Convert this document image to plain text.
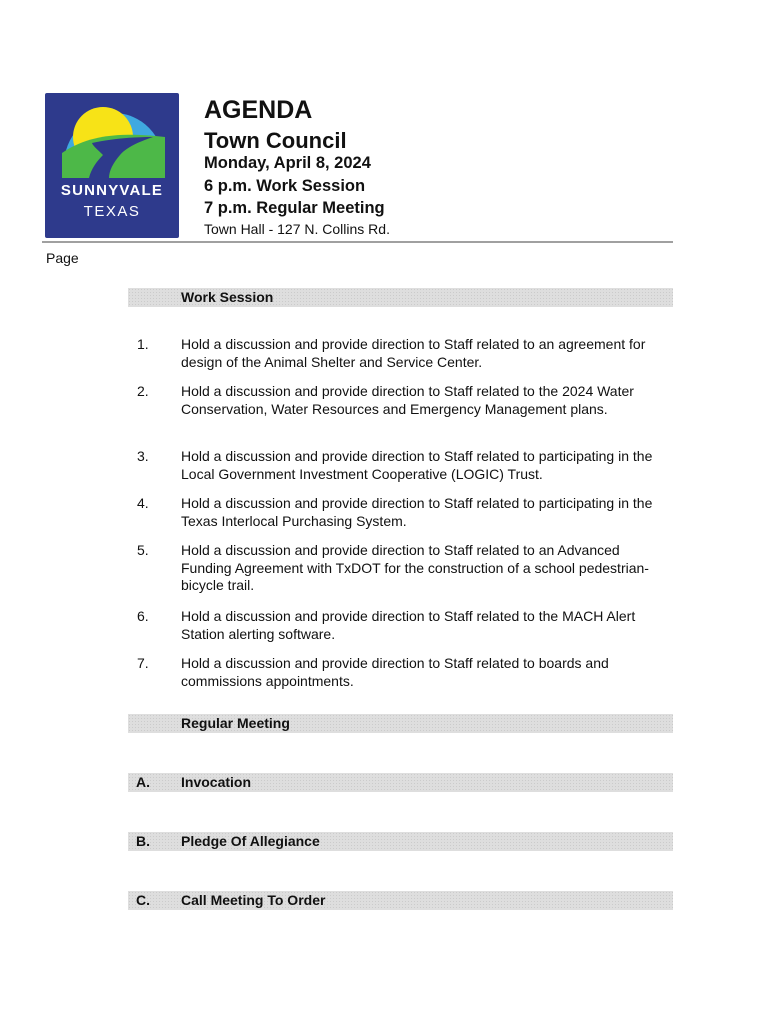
SUNNYVALE
TEXAS
AGENDA
Town Council
Monday, April 8, 2024
6 p.m. Work Session
7 p.m. Regular Meeting
Town Hall - 127 N. Collins Rd.
Page
Work Session
1. Hold a discussion and provide direction to Staff related to an agreement for design of the Animal Shelter and Service Center.
2. Hold a discussion and provide direction to Staff related to the 2024 Water Conservation, Water Resources and Emergency Management plans.
3. Hold a discussion and provide direction to Staff related to participating in the Local Government Investment Cooperative (LOGIC) Trust.
4. Hold a discussion and provide direction to Staff related to participating in the Texas Interlocal Purchasing System.
5. Hold a discussion and provide direction to Staff related to an Advanced Funding Agreement with TxDOT for the construction of a school pedestrian-bicycle trail.
6. Hold a discussion and provide direction to Staff related to the MACH Alert Station alerting software.
7. Hold a discussion and provide direction to Staff related to boards and commissions appointments.
Regular Meeting
A. Invocation
B. Pledge Of Allegiance
C. Call Meeting To Order
